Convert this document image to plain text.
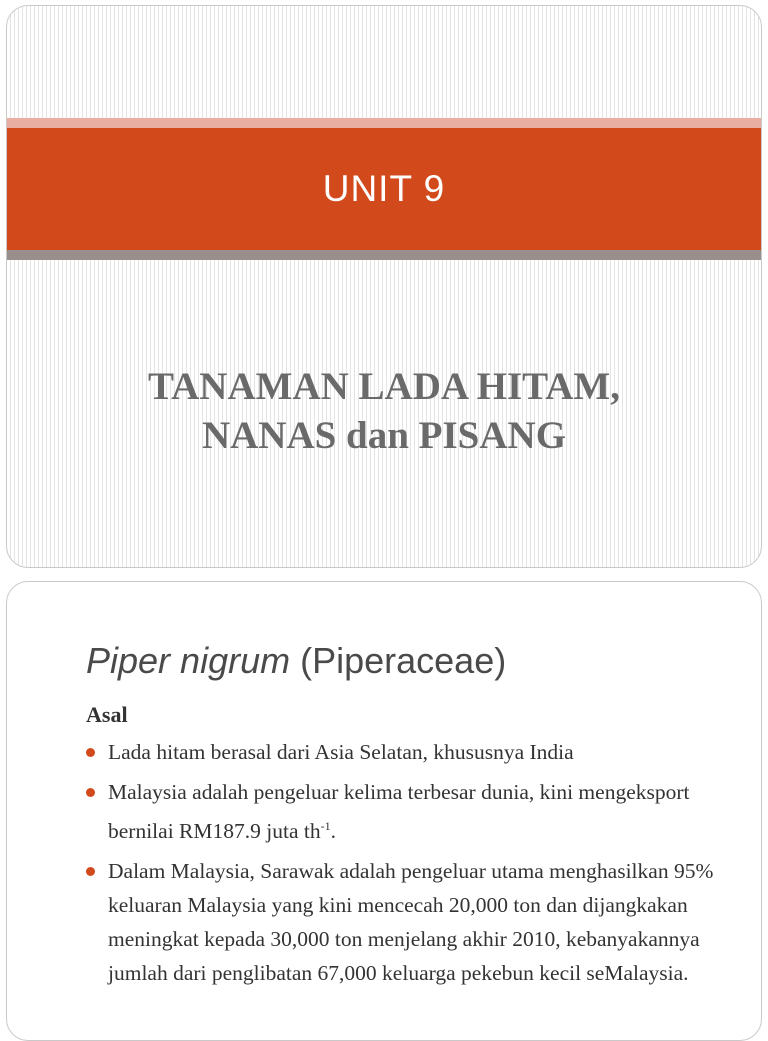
UNIT 9
TANAMAN LADA HITAM,
NANAS dan PISANG
Piper nigrum (Piperaceae)
Asal
Lada hitam berasal dari Asia Selatan, khususnya India
Malaysia adalah pengeluar kelima terbesar dunia, kini mengeksport bernilai RM187.9 juta $th^{-1}$.
Dalam Malaysia, Sarawak adalah pengeluar utama menghasilkan 95% keluaran Malaysia yang kini mencecah 20,000 ton dan dijangkakan meningkat kepada 30,000 ton menjelang akhir 2010, kebanyakannya jumlah dari penglibatan 67,000 keluarga pekebun kecil seMalaysia.
